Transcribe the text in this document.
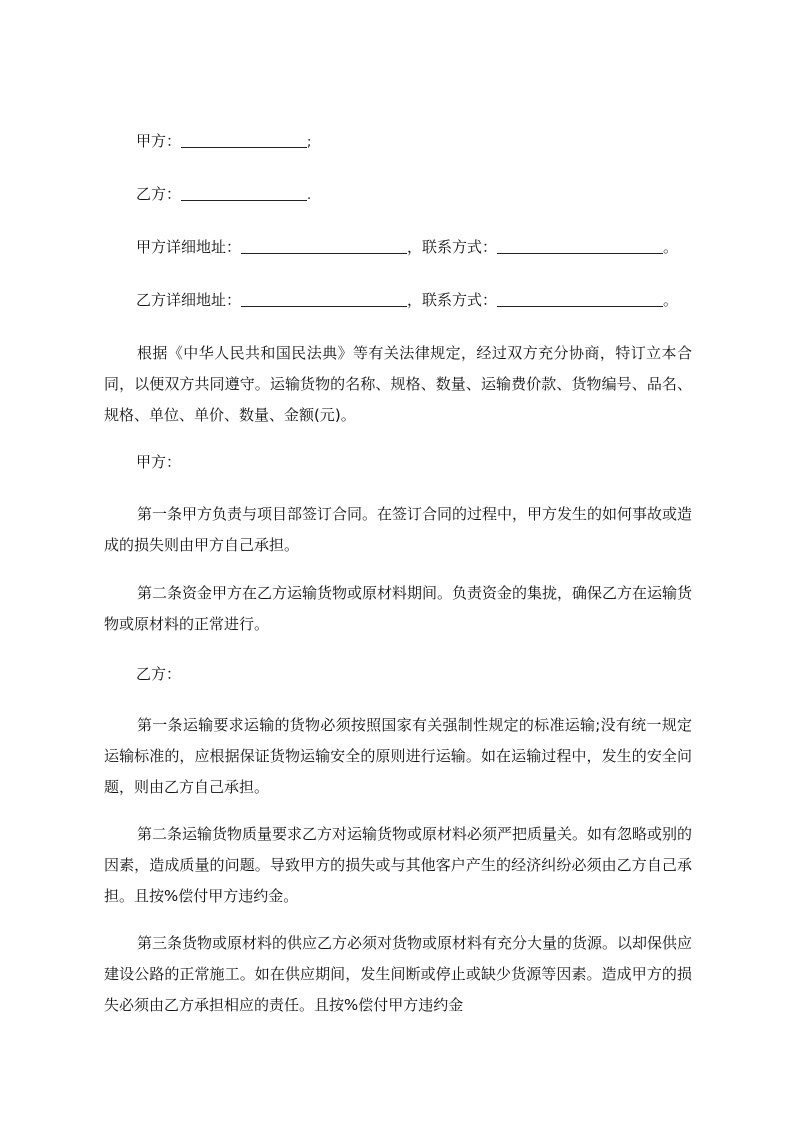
甲方：	;
乙方：	.
甲方详细地址：	，联系方式：	。
乙方详细地址：	，联系方式：	。
根据《中华人民共和国民法典》等有关法律规定，经过双方充分协商，特订立本合同，以便双方共同遵守。运输货物的名称、规格、数量、运输费价款、货物编号、品名、规格、单位、单价、数量、金额(元)。
甲方：
第一条甲方负责与项目部签订合同。在签订合同的过程中，甲方发生的如何事故或造成的损失则由甲方自己承担。
第二条资金甲方在乙方运输货物或原材料期间。负责资金的集拢，确保乙方在运输货物或原材料的正常进行。
乙方：
第一条运输要求运输的货物必须按照国家有关强制性规定的标准运输;没有统一规定运输标准的，应根据保证货物运输安全的原则进行运输。如在运输过程中，发生的安全问题，则由乙方自己承担。
第二条运输货物质量要求乙方对运输货物或原材料必须严把质量关。如有忽略或别的因素，造成质量的问题。导致甲方的损失或与其他客户产生的经济纠纷必须由乙方自己承担。且按%偿付甲方违约金。
第三条货物或原材料的供应乙方必须对货物或原材料有充分大量的货源。以却保供应建设公路的正常施工。如在供应期间，发生间断或停止或缺少货源等因素。造成甲方的损失必须由乙方承担相应的责任。且按%偿付甲方违约金
